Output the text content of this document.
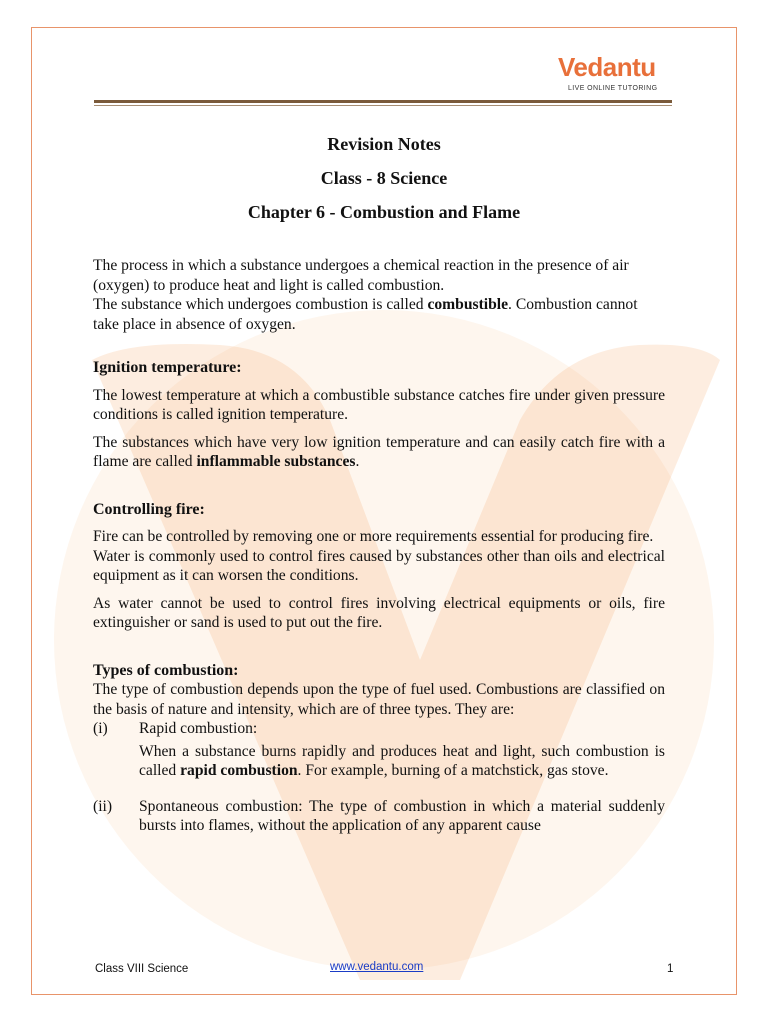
Vedantu
LIVE ONLINE TUTORING
Revision Notes
Class - 8 Science
Chapter 6 - Combustion and Flame

The process in which a substance undergoes a chemical reaction in the presence of air (oxygen) to produce heat and light is called combustion.

The substance which undergoes combustion is called combustible. Combustion cannot take place in absence of oxygen.

Ignition temperature:

The lowest temperature at which a combustible substance catches fire under given pressure conditions is called ignition temperature.

The substances which have very low ignition temperature and can easily catch fire with a flame are called inflammable substances.

Controlling fire:

Fire can be controlled by removing one or more requirements essential for producing fire.

Water is commonly used to control fires caused by substances other than oils and electrical equipment as it can worsen the conditions.

As water cannot be used to control fires involving electrical equipments or oils, fire extinguisher or sand is used to put out the fire.

Types of combustion:

The type of combustion depends upon the type of fuel used. Combustions are classified on the basis of nature and intensity, which are of three types. They are:

(i)	Rapid combustion:

When a substance burns rapidly and produces heat and light, such combustion is called rapid combustion. For example, burning of a matchstick, gas stove.

(ii)	Spontaneous combustion: The type of combustion in which a material suddenly bursts into flames, without the application of any apparent cause

Class VIII Science	www.vedantu.com	1
